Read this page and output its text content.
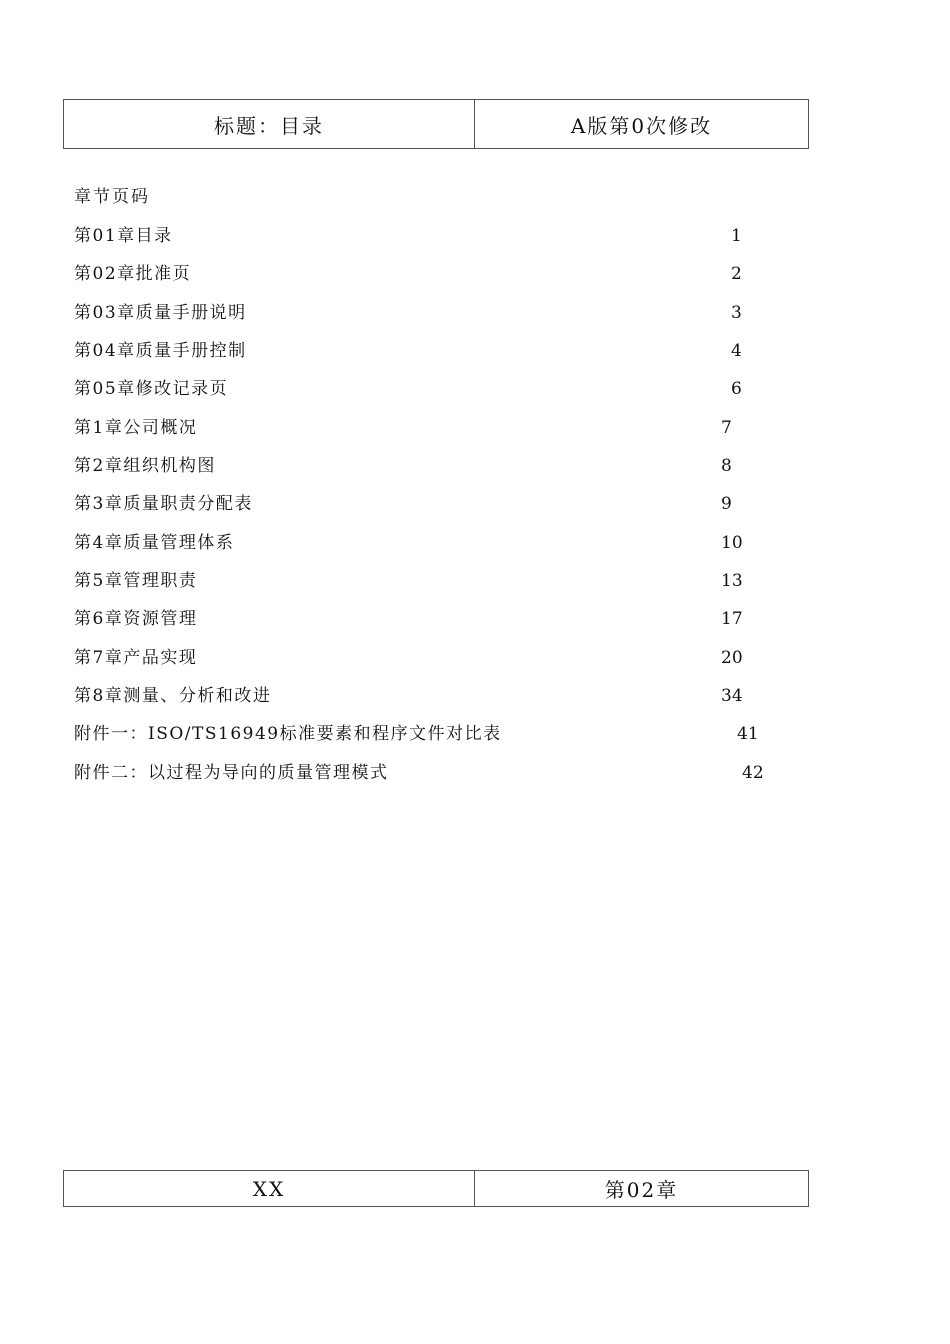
标题：目录	A版第0次修改
章节页码
第01章目录	1
第02章批准页	2
第03章质量手册说明	3
第04章质量手册控制	4
第05章修改记录页	6
第1章公司概况	7
第2章组织机构图	8
第3章质量职责分配表	9
第4章质量管理体系	10
第5章管理职责	13
第6章资源管理	17
第7章产品实现	20
第8章测量、分析和改进	34
附件一：ISO/TS16949标准要素和程序文件对比表	41
附件二：以过程为导向的质量管理模式	42
XX	第02章
